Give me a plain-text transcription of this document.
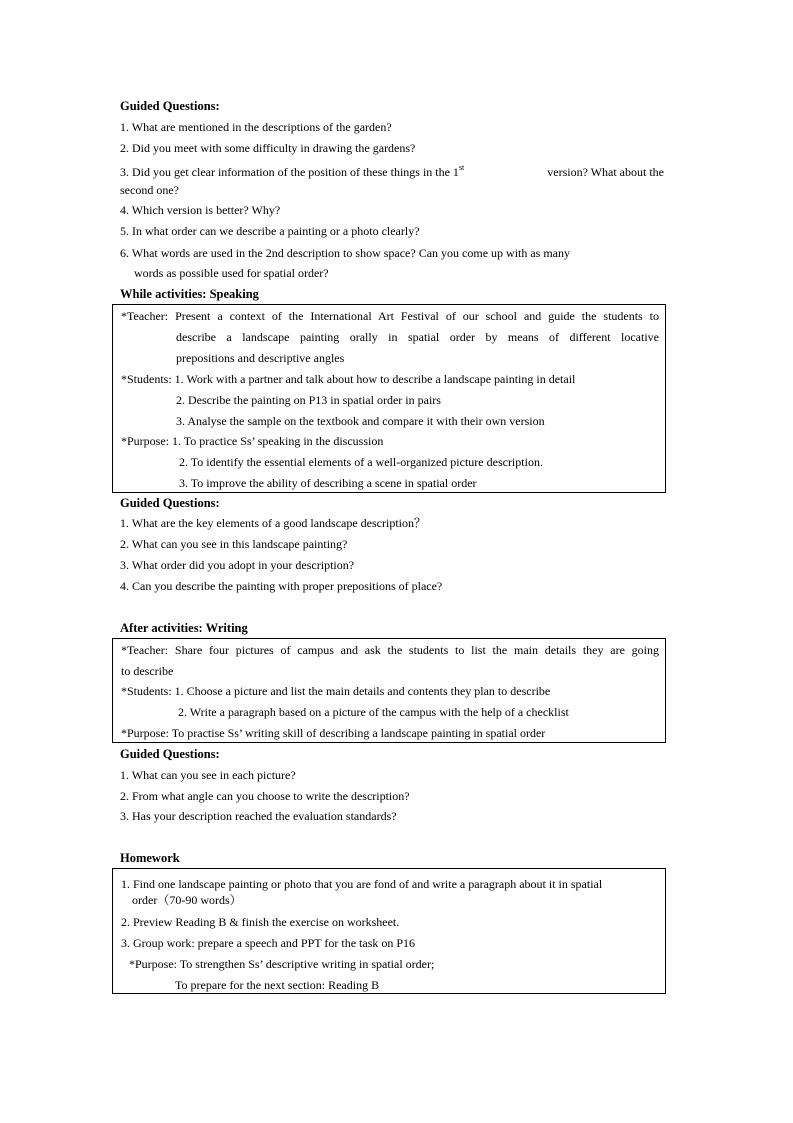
Guided Questions:
1. What are mentioned in the descriptions of the garden?
2. Did you meet with some difficulty in drawing the gardens?
3. Did you get clear information of the position of these things in the 1st	version? What about the
second one?
4. Which version is better? Why?
5. In what order can we describe a painting or a photo clearly?
6. What words are used in the 2nd description to show space? Can you come up with as many
words as possible used for spatial order?
While activities: Speaking
*Teacher: Present a context of the International Art Festival of our school and guide the students to
describe a landscape painting orally in spatial order by means of different locative
prepositions and descriptive angles
*Students: 1. Work with a partner and talk about how to describe a landscape painting in detail
2. Describe the painting on P13 in spatial order in pairs
3. Analyse the sample on the textbook and compare it with their own version
*Purpose: 1. To practice Ss’ speaking in the discussion
2. To identify the essential elements of a well-organized picture description.
3. To improve the ability of describing a scene in spatial order
Guided Questions:
1. What are the key elements of a good landscape description？
2. What can you see in this landscape painting?
3. What order did you adopt in your description?
4. Can you describe the painting with proper prepositions of place?
After activities: Writing
*Teacher: Share four pictures of campus and ask the students to list the main details they are going
to describe
*Students: 1. Choose a picture and list the main details and contents they plan to describe
2. Write a paragraph based on a picture of the campus with the help of a checklist
*Purpose: To practise Ss’ writing skill of describing a landscape painting in spatial order
Guided Questions:
1. What can you see in each picture?
2. From what angle can you choose to write the description?
3. Has your description reached the evaluation standards?
Homework
1. Find one landscape painting or photo that you are fond of and write a paragraph about it in spatial
order（70-90 words）
2. Preview Reading B & finish the exercise on worksheet.
3. Group work: prepare a speech and PPT for the task on P16
*Purpose: To strengthen Ss’ descriptive writing in spatial order;
To prepare for the next section: Reading B
